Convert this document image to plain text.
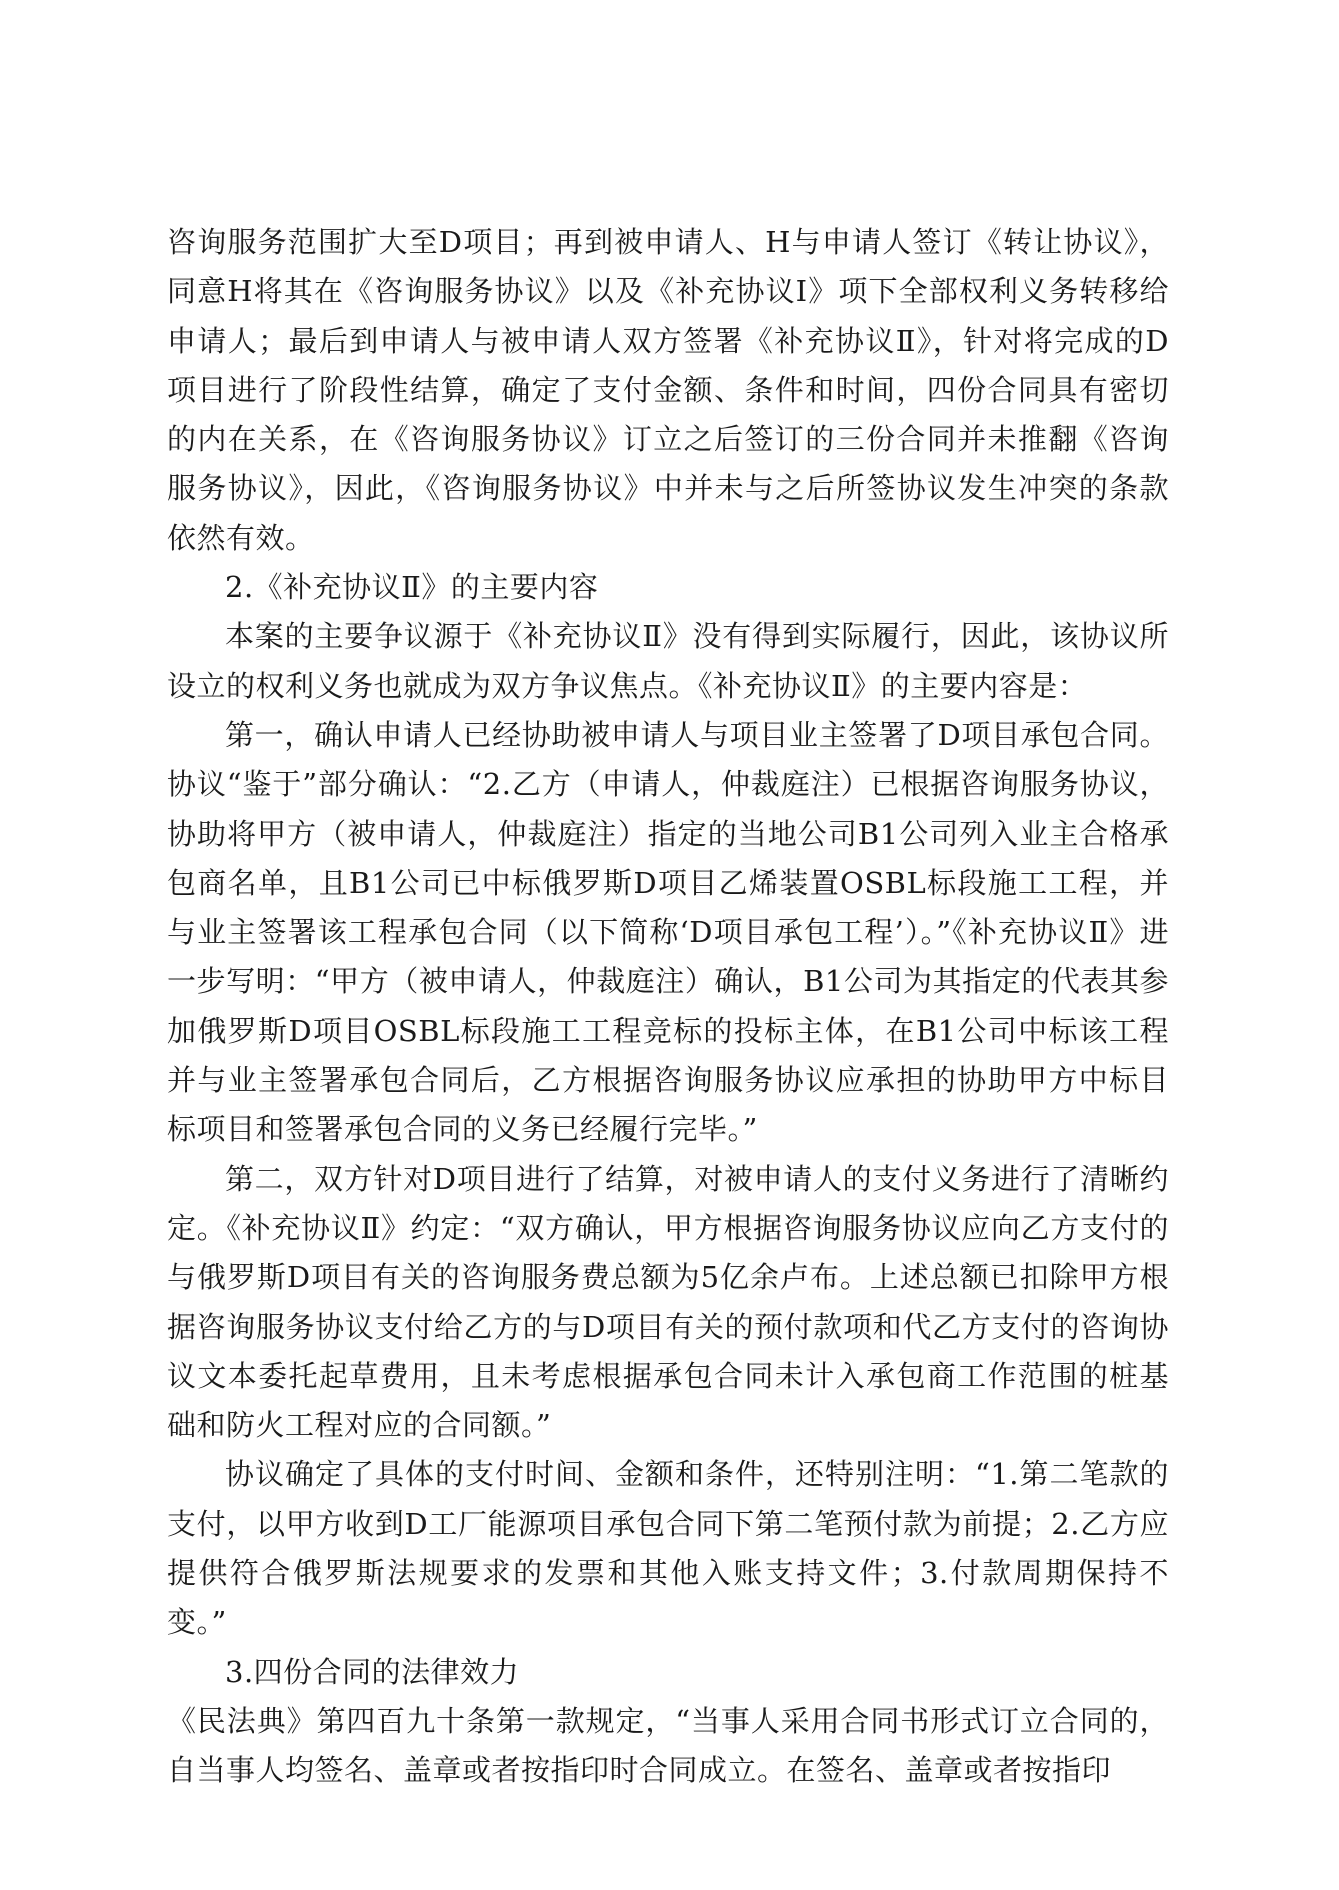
咨询服务范围扩大至D项目；再到被申请人、H与申请人签订《转让协议》，同意H将其在《咨询服务协议》以及《补充协议Ⅰ》项下全部权利义务转移给申请人；最后到申请人与被申请人双方签署《补充协议Ⅱ》，针对将完成的D项目进行了阶段性结算，确定了支付金额、条件和时间，四份合同具有密切的内在关系，在《咨询服务协议》订立之后签订的三份合同并未推翻《咨询服务协议》，因此，《咨询服务协议》中并未与之后所签协议发生冲突的条款依然有效。

2.《补充协议Ⅱ》的主要内容

本案的主要争议源于《补充协议Ⅱ》没有得到实际履行，因此，该协议所设立的权利义务也就成为双方争议焦点。《补充协议Ⅱ》的主要内容是：

第一，确认申请人已经协助被申请人与项目业主签署了D项目承包合同。协议“鉴于”部分确认：“2.乙方（申请人，仲裁庭注）已根据咨询服务协议，协助将甲方（被申请人，仲裁庭注）指定的当地公司B1公司列入业主合格承包商名单，且B1公司已中标俄罗斯D项目乙烯装置OSBL标段施工工程，并与业主签署该工程承包合同（以下简称‘D项目承包工程’）。”《补充协议Ⅱ》进一步写明：“甲方（被申请人，仲裁庭注）确认，B1公司为其指定的代表其参加俄罗斯D项目OSBL标段施工工程竞标的投标主体，在B1公司中标该工程并与业主签署承包合同后，乙方根据咨询服务协议应承担的协助甲方中标目标项目和签署承包合同的义务已经履行完毕。”

第二，双方针对D项目进行了结算，对被申请人的支付义务进行了清晰约定。《补充协议Ⅱ》约定：“双方确认，甲方根据咨询服务协议应向乙方支付的与俄罗斯D项目有关的咨询服务费总额为5亿余卢布。上述总额已扣除甲方根据咨询服务协议支付给乙方的与D项目有关的预付款项和代乙方支付的咨询协议文本委托起草费用，且未考虑根据承包合同未计入承包商工作范围的桩基础和防火工程对应的合同额。”

协议确定了具体的支付时间、金额和条件，还特别注明：“1.第二笔款的支付，以甲方收到D工厂能源项目承包合同下第二笔预付款为前提；2.乙方应提供符合俄罗斯法规要求的发票和其他入账支持文件；3.付款周期保持不变。”

3.四份合同的法律效力

《民法典》第四百九十条第一款规定，“当事人采用合同书形式订立合同的，自当事人均签名、盖章或者按指印时合同成立。在签名、盖章或者按指印
